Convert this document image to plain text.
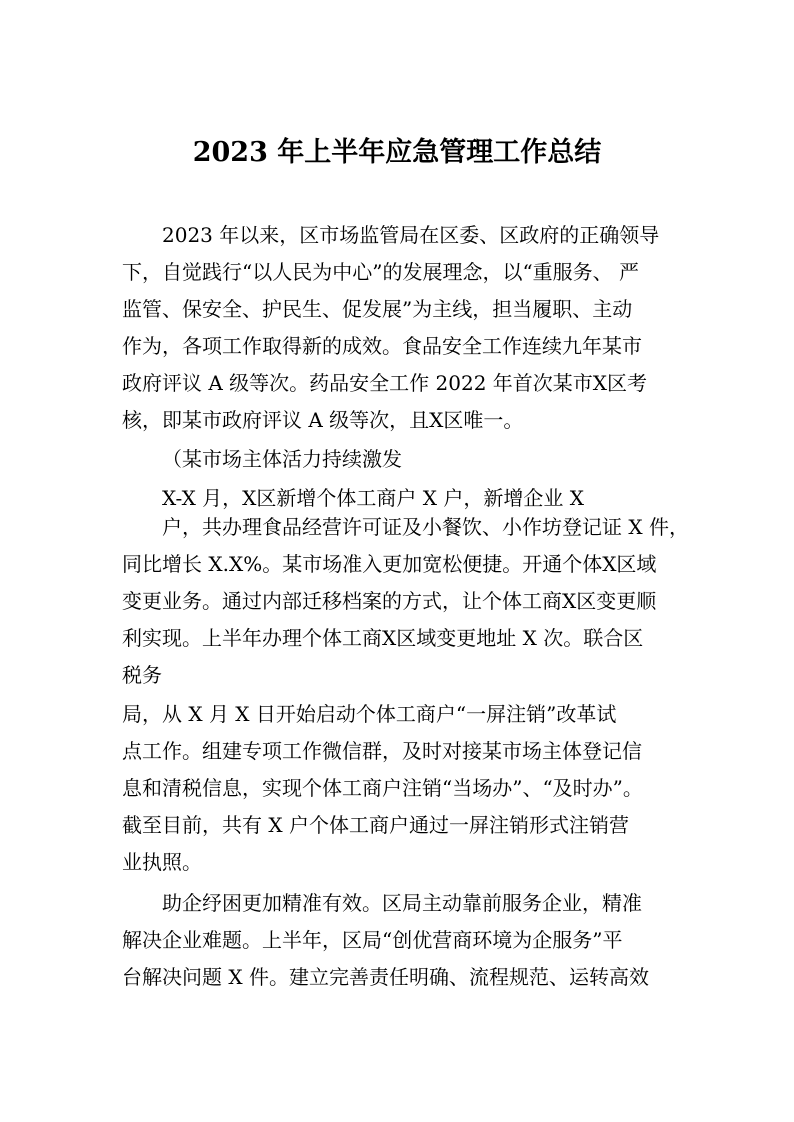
2023 年上半年应急管理工作总结
2023 年以来，区市场监管局在区委、区政府的正确领导
下，自觉践行“以人民为中心”的发展理念，以“重服务、 严
监管、保安全、护民生、促发展”为主线，担当履职、主动
作为，各项工作取得新的成效。食品安全工作连续九年某市
政府评议 A 级等次。药品安全工作 2022 年首次某市X区考
核，即某市政府评议 A 级等次，且X区唯一。
（某市场主体活力持续激发
X-X 月，X区新增个体工商户 X 户，新增企业 X
户，共办理食品经营许可证及小餐饮、小作坊登记证 X 件，
同比增长 X.X%。某市场准入更加宽松便捷。开通个体X区域
变更业务。通过内部迁移档案的方式，让个体工商X区变更顺
利实现。上半年办理个体工商X区域变更地址 X 次。联合区
税务
局，从 X 月 X 日开始启动个体工商户“一屏注销”改革试
点工作。组建专项工作微信群，及时对接某市场主体登记信
息和清税信息，实现个体工商户注销“当场办”、“及时办”。
截至目前，共有 X 户个体工商户通过一屏注销形式注销营
业执照。
助企纾困更加精准有效。区局主动靠前服务企业，精准
解决企业难题。上半年，区局“创优营商环境为企服务”平
台解决问题 X 件。建立完善责任明确、流程规范、运转高效
